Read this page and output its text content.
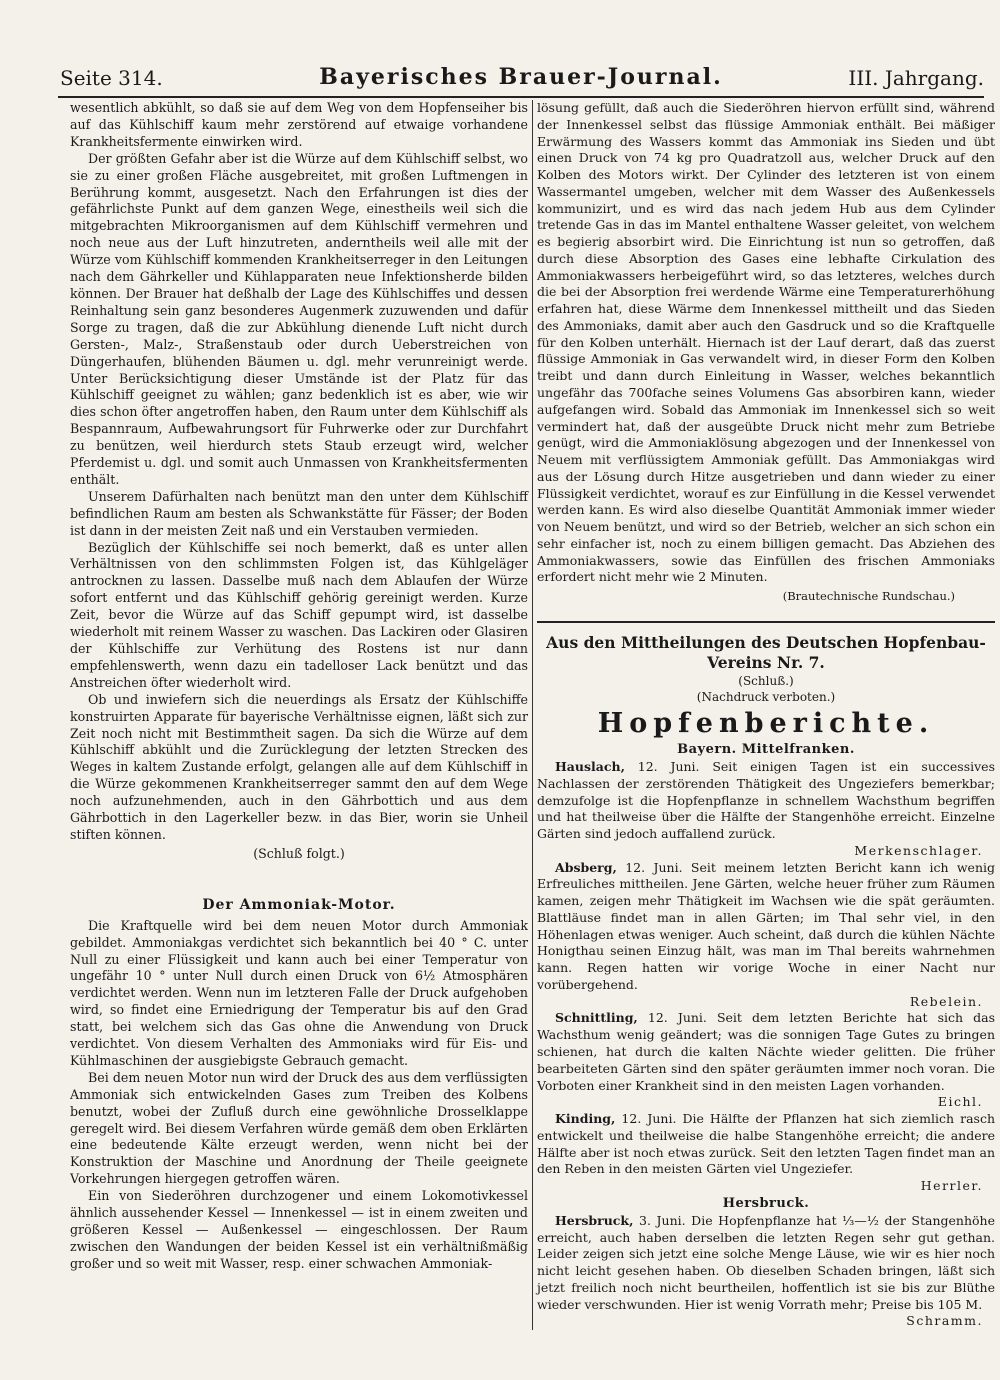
Seite 314.	Bayerisches Brauer-Journal.	III. Jahrgang.

wesentlich abkühlt, so daß sie auf dem Weg von dem Hopfenseiher bis auf das Kühlschiff kaum mehr zerstörend auf etwaige vorhandene Krankheitsfermente einwirken wird.

Der größten Gefahr aber ist die Würze auf dem Kühlschiff selbst, wo sie zu einer großen Fläche ausgebreitet, mit großen Luftmengen in Berührung kommt, ausgesetzt. Nach den Erfahrungen ist dies der gefährlichste Punkt auf dem ganzen Wege, einestheils weil sich die mitgebrachten Mikroorganismen auf dem Kühlschiff vermehren und noch neue aus der Luft hinzutreten, anderntheils weil alle mit der Würze vom Kühlschiff kommenden Krankheitserreger in den Leitungen nach dem Gährkeller und Kühlapparaten neue Infektionsherde bilden können. Der Brauer hat deßhalb der Lage des Kühlschiffes und dessen Reinhaltung sein ganz besonderes Augenmerk zuzuwenden und dafür Sorge zu tragen, daß die zur Abkühlung dienende Luft nicht durch Gersten-, Malz-, Straßenstaub oder durch Ueberstreichen von Düngerhaufen, blühenden Bäumen u. dgl. mehr verunreinigt werde. Unter Berücksichtigung dieser Umstände ist der Platz für das Kühlschiff geeignet zu wählen; ganz bedenklich ist es aber, wie wir dies schon öfter angetroffen haben, den Raum unter dem Kühlschiff als Bespannraum, Aufbewahrungsort für Fuhrwerke oder zur Durchfahrt zu benützen, weil hierdurch stets Staub erzeugt wird, welcher Pferdemist u. dgl. und somit auch Unmassen von Krankheitsfermenten enthält.

Unserem Dafürhalten nach benützt man den unter dem Kühlschiff befindlichen Raum am besten als Schwankstätte für Fässer; der Boden ist dann in der meisten Zeit naß und ein Verstauben vermieden.

Bezüglich der Kühlschiffe sei noch bemerkt, daß es unter allen Verhältnissen von den schlimmsten Folgen ist, das Kühlgeläger antrocknen zu lassen. Dasselbe muß nach dem Ablaufen der Würze sofort entfernt und das Kühlschiff gehörig gereinigt werden. Kurze Zeit, bevor die Würze auf das Schiff gepumpt wird, ist dasselbe wiederholt mit reinem Wasser zu waschen. Das Lackiren oder Glasiren der Kühlschiffe zur Verhütung des Rostens ist nur dann empfehlenswerth, wenn dazu ein tadelloser Lack benützt und das Anstreichen öfter wiederholt wird.

Ob und inwiefern sich die neuerdings als Ersatz der Kühlschiffe konstruirten Apparate für bayerische Verhältnisse eignen, läßt sich zur Zeit noch nicht mit Bestimmtheit sagen. Da sich die Würze auf dem Kühlschiff abkühlt und die Zurücklegung der letzten Strecken des Weges in kaltem Zustande erfolgt, gelangen alle auf dem Kühlschiff in die Würze gekommenen Krankheitserreger sammt den auf dem Wege noch aufzunehmenden, auch in den Gährbottich und aus dem Gährbottich in den Lagerkeller bezw. in das Bier, worin sie Unheil stiften können.

(Schluß folgt.)

Der Ammoniak-Motor.

Die Kraftquelle wird bei dem neuen Motor durch Ammoniak gebildet. Ammoniakgas verdichtet sich bekanntlich bei 40 ° C. unter Null zu einer Flüssigkeit und kann auch bei einer Temperatur von ungefähr 10 ° unter Null durch einen Druck von 6½ Atmosphären verdichtet werden. Wenn nun im letzteren Falle der Druck aufgehoben wird, so findet eine Erniedrigung der Temperatur bis auf den Grad statt, bei welchem sich das Gas ohne die Anwendung von Druck verdichtet. Von diesem Verhalten des Ammoniaks wird für Eis- und Kühlmaschinen der ausgiebigste Gebrauch gemacht.

Bei dem neuen Motor nun wird der Druck des aus dem verflüssigten Ammoniak sich entwickelnden Gases zum Treiben des Kolbens benutzt, wobei der Zufluß durch eine gewöhnliche Drosselklappe geregelt wird. Bei diesem Verfahren würde gemäß dem oben Erklärten eine bedeutende Kälte erzeugt werden, wenn nicht bei der Konstruktion der Maschine und Anordnung der Theile geeignete Vorkehrungen hiergegen getroffen wären.

Ein von Siederöhren durchzogener und einem Lokomotivkessel ähnlich aussehender Kessel — Innenkessel — ist in einem zweiten und größeren Kessel — Außenkessel — eingeschlossen. Der Raum zwischen den Wandungen der beiden Kessel ist ein verhältnißmäßig großer und so weit mit Wasser, resp. einer schwachen Ammoniak-

lösung gefüllt, daß auch die Siederöhren hiervon erfüllt sind, während der Innenkessel selbst das flüssige Ammoniak enthält. Bei mäßiger Erwärmung des Wassers kommt das Ammoniak ins Sieden und übt einen Druck von 74 kg pro Quadratzoll aus, welcher Druck auf den Kolben des Motors wirkt. Der Cylinder des letzteren ist von einem Wassermantel umgeben, welcher mit dem Wasser des Außenkessels kommunizirt, und es wird das nach jedem Hub aus dem Cylinder tretende Gas in das im Mantel enthaltene Wasser geleitet, von welchem es begierig absorbirt wird. Die Einrichtung ist nun so getroffen, daß durch diese Absorption des Gases eine lebhafte Cirkulation des Ammoniakwassers herbeigeführt wird, so das letzteres, welches durch die bei der Absorption frei werdende Wärme eine Temperaturerhöhung erfahren hat, diese Wärme dem Innenkessel mittheilt und das Sieden des Ammoniaks, damit aber auch den Gasdruck und so die Kraftquelle für den Kolben unterhält. Hiernach ist der Lauf derart, daß das zuerst flüssige Ammoniak in Gas verwandelt wird, in dieser Form den Kolben treibt und dann durch Einleitung in Wasser, welches bekanntlich ungefähr das 700fache seines Volumens Gas absorbiren kann, wieder aufgefangen wird. Sobald das Ammoniak im Innenkessel sich so weit vermindert hat, daß der ausgeübte Druck nicht mehr zum Betriebe genügt, wird die Ammoniaklösung abgezogen und der Innenkessel von Neuem mit verflüssigtem Ammoniak gefüllt. Das Ammoniakgas wird aus der Lösung durch Hitze ausgetrieben und dann wieder zu einer Flüssigkeit verdichtet, worauf es zur Einfüllung in die Kessel verwendet werden kann. Es wird also dieselbe Quantität Ammoniak immer wieder von Neuem benützt, und wird so der Betrieb, welcher an sich schon ein sehr einfacher ist, noch zu einem billigen gemacht. Das Abziehen des Ammoniakwassers, sowie das Einfüllen des frischen Ammoniaks erfordert nicht mehr wie 2 Minuten.

(Brautechnische Rundschau.)

Aus den Mittheilungen des Deutschen Hopfenbau-Vereins Nr. 7.

(Schluß.)

(Nachdruck verboten.)

Hopfenberichte.

Bayern. Mittelfranken.

Hauslach, 12. Juni. Seit einigen Tagen ist ein successives Nachlassen der zerstörenden Thätigkeit des Ungeziefers bemerkbar; demzufolge ist die Hopfenpflanze in schnellem Wachsthum begriffen und hat theilweise über die Hälfte der Stangenhöhe erreicht. Einzelne Gärten sind jedoch auffallend zurück.

Merkenschlager.

Absberg, 12. Juni. Seit meinem letzten Bericht kann ich wenig Erfreuliches mittheilen. Jene Gärten, welche heuer früher zum Räumen kamen, zeigen mehr Thätigkeit im Wachsen wie die spät geräumten. Blattläuse findet man in allen Gärten; im Thal sehr viel, in den Höhenlagen etwas weniger. Auch scheint, daß durch die kühlen Nächte Honigthau seinen Einzug hält, was man im Thal bereits wahrnehmen kann. Regen hatten wir vorige Woche in einer Nacht nur vorübergehend.

Rebelein.

Schnittling, 12. Juni. Seit dem letzten Berichte hat sich das Wachsthum wenig geändert; was die sonnigen Tage Gutes zu bringen schienen, hat durch die kalten Nächte wieder gelitten. Die früher bearbeiteten Gärten sind den später geräumten immer noch voran. Die Vorboten einer Krankheit sind in den meisten Lagen vorhanden.

Eichl.

Kinding, 12. Juni. Die Hälfte der Pflanzen hat sich ziemlich rasch entwickelt und theilweise die halbe Stangenhöhe erreicht; die andere Hälfte aber ist noch etwas zurück. Seit den letzten Tagen findet man an den Reben in den meisten Gärten viel Ungeziefer.

Herrler.

Hersbruck.

Hersbruck, 3. Juni. Die Hopfenpflanze hat ⅓—½ der Stangenhöhe erreicht, auch haben derselben die letzten Regen sehr gut gethan. Leider zeigen sich jetzt eine solche Menge Läuse, wie wir es hier noch nicht leicht gesehen haben. Ob dieselben Schaden bringen, läßt sich jetzt freilich noch nicht beurtheilen, hoffentlich ist sie bis zur Blüthe wieder verschwunden. Hier ist wenig Vorrath mehr; Preise bis 105 M.

Schramm.
